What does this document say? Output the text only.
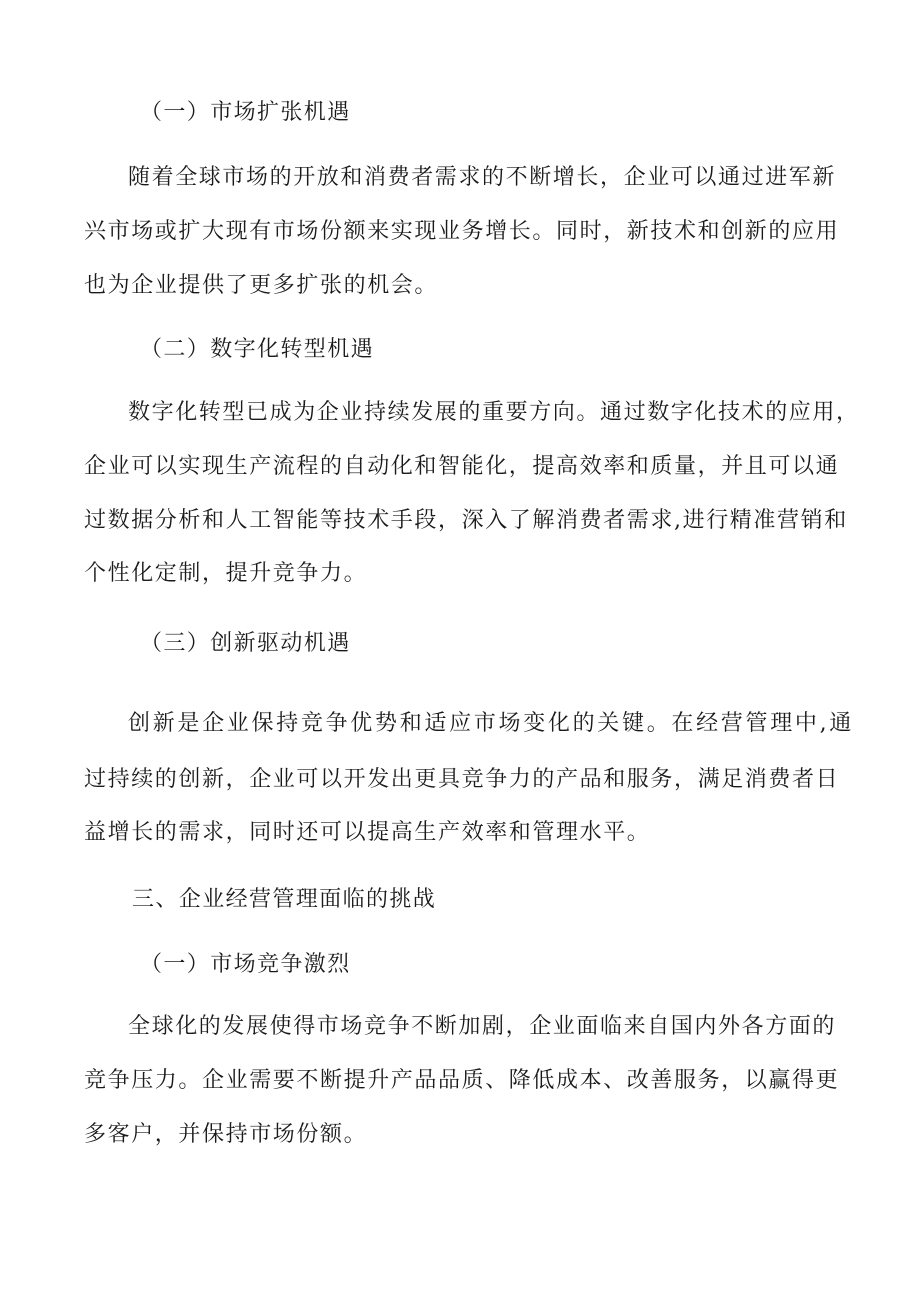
（一）市场扩张机遇
随着全球市场的开放和消费者需求的不断增长，企业可以通过进军新
兴市场或扩大现有市场份额来实现业务增长。同时，新技术和创新的应用
也为企业提供了更多扩张的机会。
（二）数字化转型机遇
数字化转型已成为企业持续发展的重要方向。通过数字化技术的应用，
企业可以实现生产流程的自动化和智能化，提高效率和质量，并且可以通
过数据分析和人工智能等技术手段，深入了解消费者需求,进行精准营销和
个性化定制，提升竞争力。
（三）创新驱动机遇
创新是企业保持竞争优势和适应市场变化的关键。在经营管理中,通
过持续的创新，企业可以开发出更具竞争力的产品和服务，满足消费者日
益增长的需求，同时还可以提高生产效率和管理水平。
三、企业经营管理面临的挑战
（一）市场竞争激烈
全球化的发展使得市场竞争不断加剧，企业面临来自国内外各方面的
竞争压力。企业需要不断提升产品品质、降低成本、改善服务，以赢得更
多客户，并保持市场份额。
